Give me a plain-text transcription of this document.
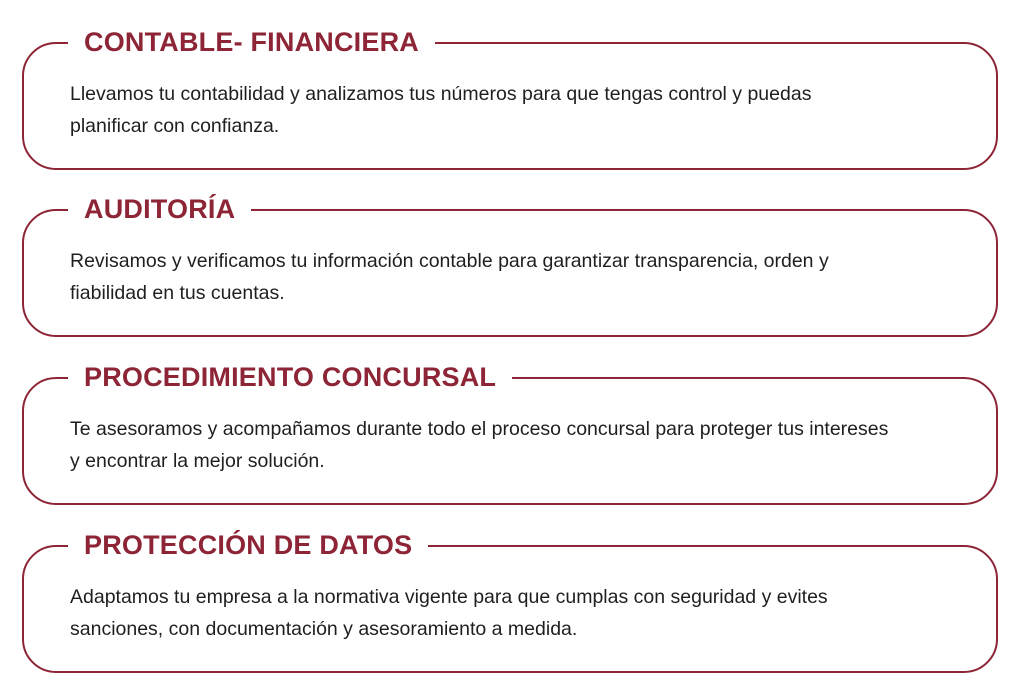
CONTABLE- FINANCIERA

Llevamos tu contabilidad y analizamos tus números para que tengas control y puedas planificar con confianza.

AUDITORÍA

Revisamos y verificamos tu información contable para garantizar transparencia, orden y fiabilidad en tus cuentas.

PROCEDIMIENTO CONCURSAL

Te asesoramos y acompañamos durante todo el proceso concursal para proteger tus intereses y encontrar la mejor solución.

PROTECCIÓN DE DATOS

Adaptamos tu empresa a la normativa vigente para que cumplas con seguridad y evites sanciones, con documentación y asesoramiento a medida.
